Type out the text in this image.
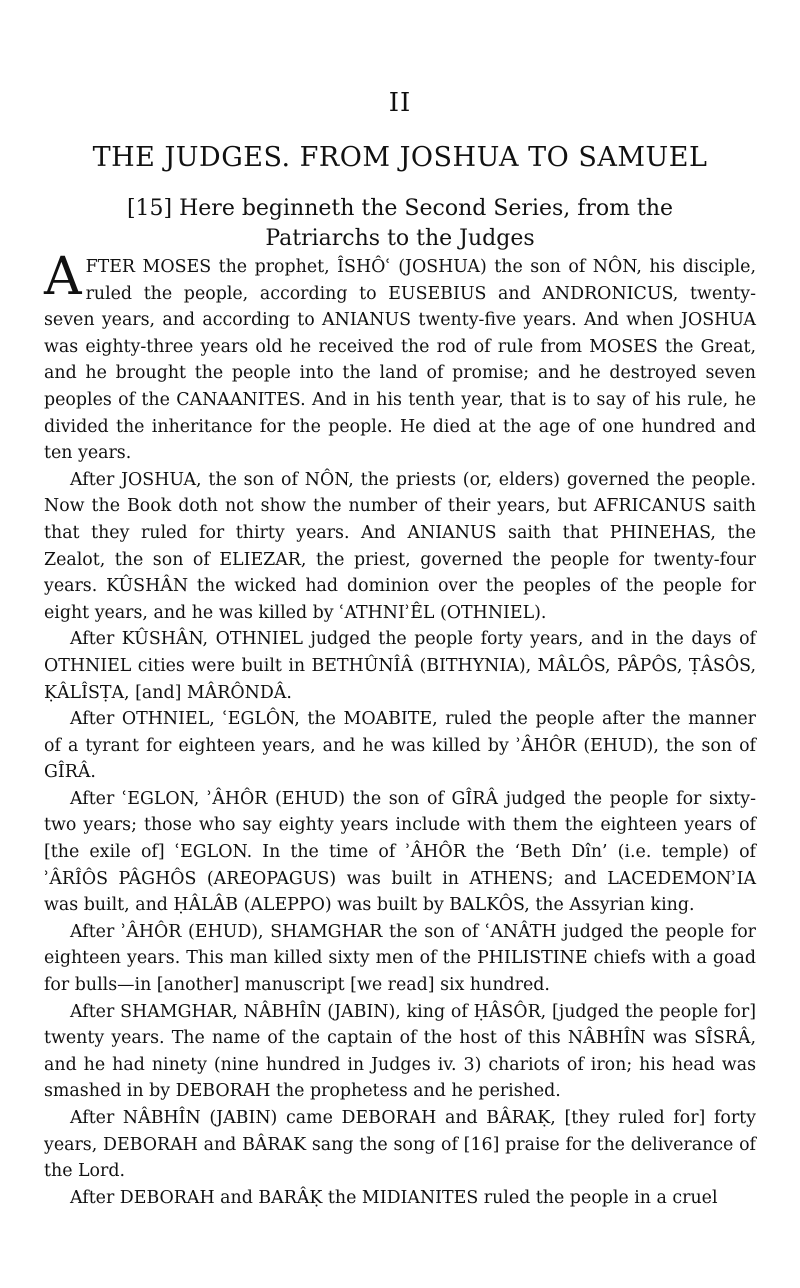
II
THE JUDGES. FROM JOSHUA TO SAMUEL
[15] Here beginneth the Second Series, from the Patriarchs to the Judges

AFTER MOSES the prophet, ÎSHÔʿ (JOSHUA) the son of NÔN, his disciple, ruled the people, according to EUSEBIUS and ANDRONICUS, twenty-seven years, and according to ANIANUS twenty-five years. And when JOSHUA was eighty-three years old he received the rod of rule from MOSES the Great, and he brought the people into the land of promise; and he destroyed seven peoples of the CANAANITES. And in his tenth year, that is to say of his rule, he divided the inheritance for the people. He died at the age of one hundred and ten years.

After JOSHUA, the son of NÔN, the priests (or, elders) governed the people. Now the Book doth not show the number of their years, but AFRICANUS saith that they ruled for thirty years. And ANIANUS saith that PHINEHAS, the Zealot, the son of ELIEZAR, the priest, governed the people for twenty-four years. KÛSHÂN the wicked had dominion over the peoples of the people for eight years, and he was killed by ʿATHNIʾÊL (OTHNIEL).

After KÛSHÂN, OTHNIEL judged the people forty years, and in the days of OTHNIEL cities were built in BETHÛNÎÂ (BITHYNIA), MÂLÔS, PÂPÔS, ṬÂSÔS, ḲÂLÎSṬA, [and] MÂRÔNDÂ.

After OTHNIEL, ʿEGLÔN, the MOABITE, ruled the people after the manner of a tyrant for eighteen years, and he was killed by ʾÂHÔR (EHUD), the son of GÎRÂ.

After ʿEGLON, ʾÂHÔR (EHUD) the son of GÎRÂ judged the people for sixty-two years; those who say eighty years include with them the eighteen years of [the exile of] ʿEGLON. In the time of ʾÂHÔR the ‘Beth Dîn’ (i.e. temple) of ʾÂRÎÔS PÂGHÔS (AREOPAGUS) was built in ATHENS; and LACEDEMONʾIA was built, and ḤÂLÂB (ALEPPO) was built by BALKÔS, the Assyrian king.

After ʾÂHÔR (EHUD), SHAMGHAR the son of ʿANÂTH judged the people for eighteen years. This man killed sixty men of the PHILISTINE chiefs with a goad for bulls—in [another] manuscript [we read] six hundred.

After SHAMGHAR, NÂBHÎN (JABIN), king of ḤÂSÔR, [judged the people for] twenty years. The name of the captain of the host of this NÂBHÎN was SÎSRÂ, and he had ninety (nine hundred in Judges iv. 3) chariots of iron; his head was smashed in by DEBORAH the prophetess and he perished.

After NÂBHÎN (JABIN) came DEBORAH and BÂRAḲ, [they ruled for] forty years, DEBORAH and BÂRAK sang the song of [16] praise for the deliverance of the Lord.

After DEBORAH and BARÂḲ the MIDIANITES ruled the people in a cruel
